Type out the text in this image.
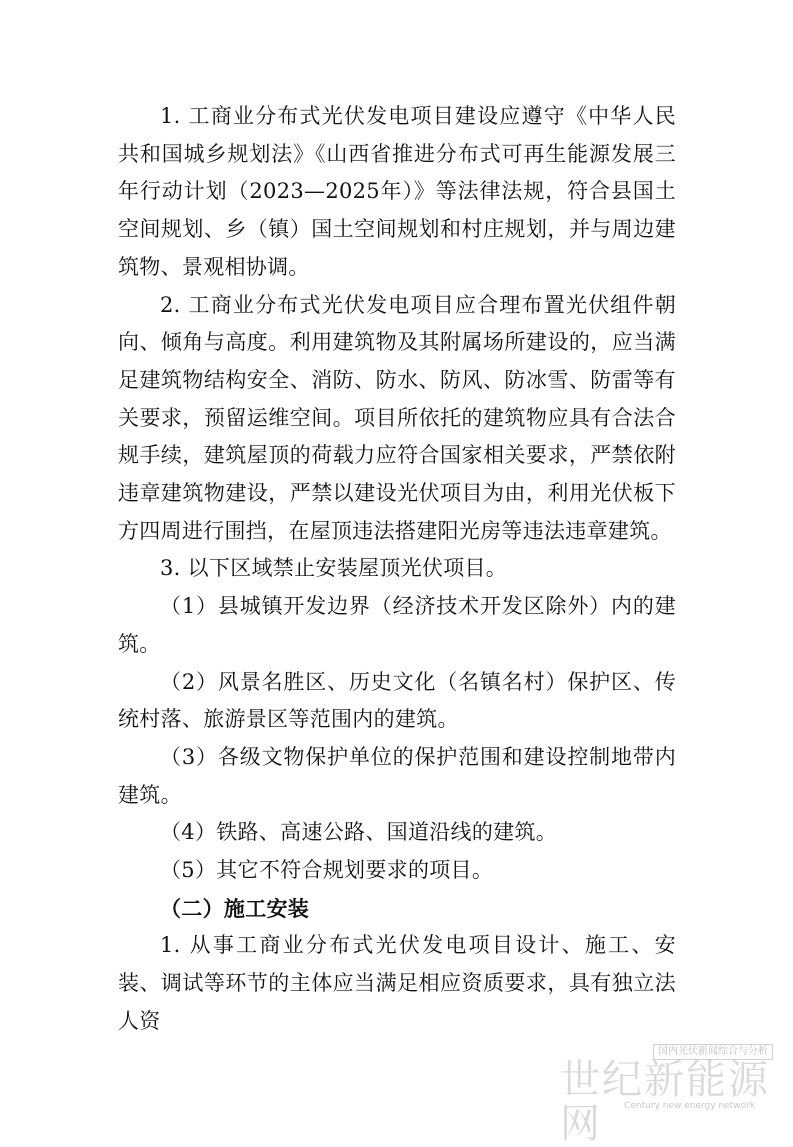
1. 工商业分布式光伏发电项目建设应遵守《中华人民共和国城乡规划法》《山西省推进分布式可再生能源发展三年行动计划（2023—2025年）》等法律法规，符合县国土空间规划、乡（镇）国土空间规划和村庄规划，并与周边建筑物、景观相协调。

2. 工商业分布式光伏发电项目应合理布置光伏组件朝向、倾角与高度。利用建筑物及其附属场所建设的，应当满足建筑物结构安全、消防、防水、防风、防冰雪、防雷等有关要求，预留运维空间。项目所依托的建筑物应具有合法合规手续，建筑屋顶的荷载力应符合国家相关要求，严禁依附违章建筑物建设，严禁以建设光伏项目为由，利用光伏板下方四周进行围挡，在屋顶违法搭建阳光房等违法违章建筑。

3. 以下区域禁止安装屋顶光伏项目。

（1）县城镇开发边界（经济技术开发区除外）内的建筑。

（2）风景名胜区、历史文化（名镇名村）保护区、传统村落、旅游景区等范围内的建筑。

（3）各级文物保护单位的保护范围和建设控制地带内建筑。

（4）铁路、高速公路、国道沿线的建筑。

（5）其它不符合规划要求的项目。

（二）施工安装

1. 从事工商业分布式光伏发电项目设计、施工、安装、调试等环节的主体应当满足相应资质要求，具有独立法人资

国内光伏新闻综合与分析
世纪新能源网	Century new energy network
